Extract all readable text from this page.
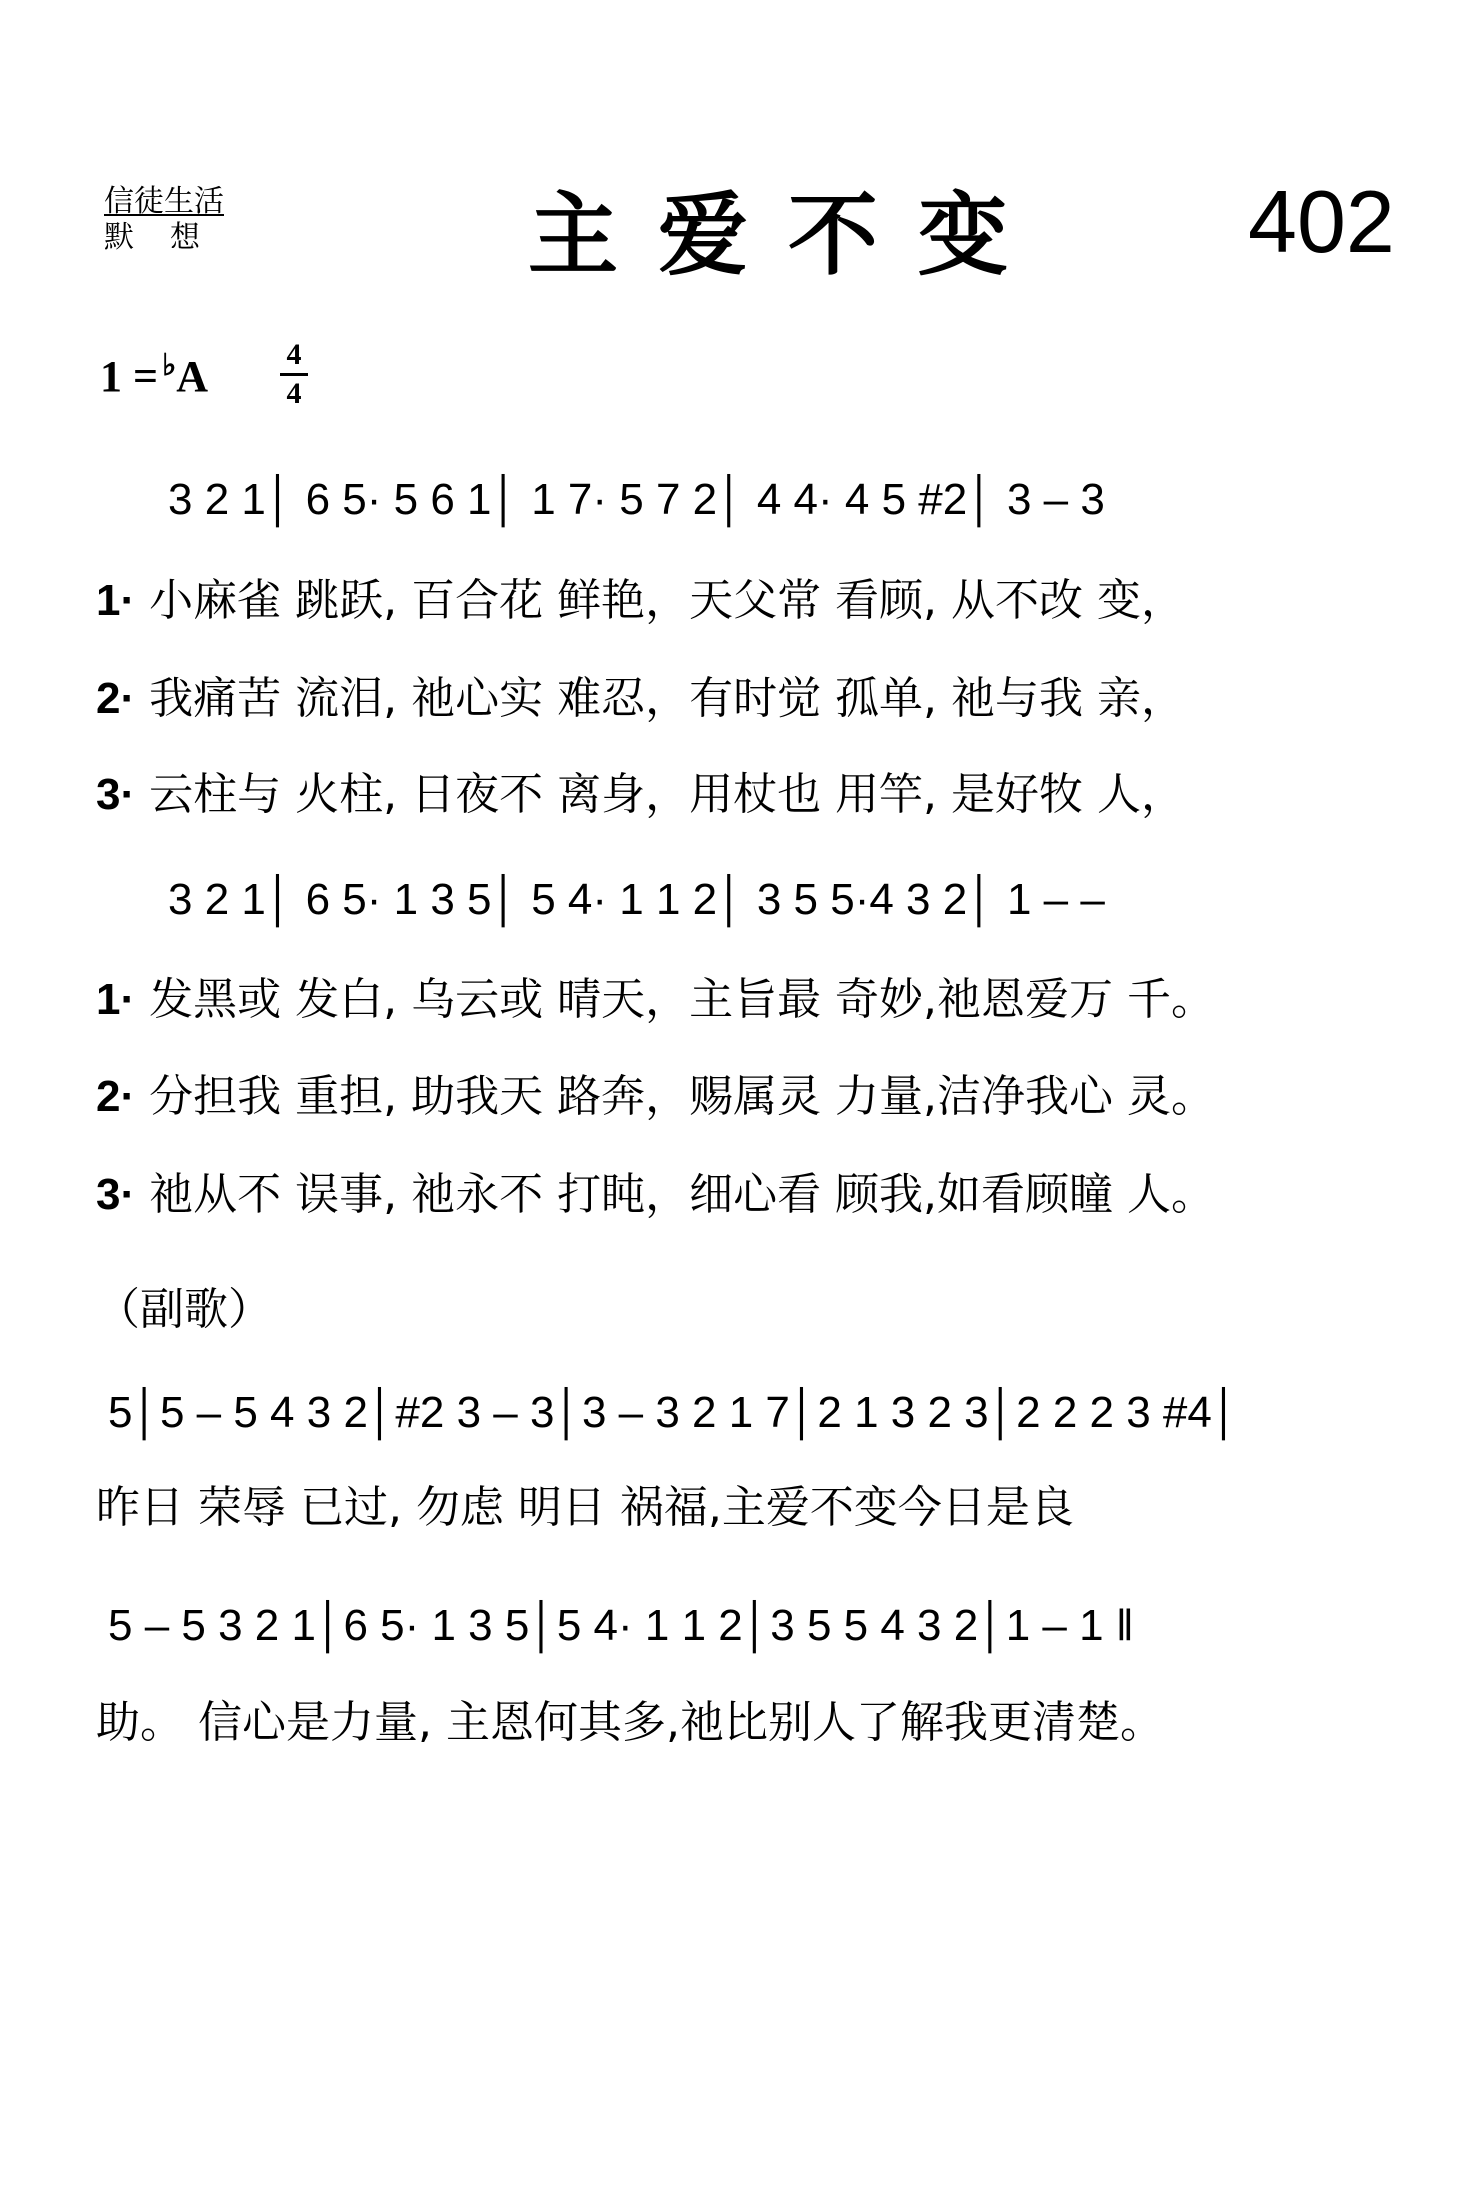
信徒生活
默想	主爱不变 402
1 = ♭A	4
4
3 2 1│ 6 5· 5 6 1│ 1 7· 5 7 2│ 4 4· 4 5 #2│ 3 – 3
1· 小麻雀 跳跃, 百合花 鲜艳，天父常 看顾, 从不改 变，
2· 我痛苦 流泪, 祂心实 难忍，有时觉 孤单, 祂与我 亲，
3· 云柱与 火柱, 日夜不 离身，用杖也 用竿, 是好牧 人，
3 2 1│ 6 5· 1 3 5│ 5 4· 1 1 2│ 3 5 5·4 3 2│ 1 – –
1· 发黑或 发白, 乌云或 晴天，主旨最 奇妙,祂恩爱万 千。
2· 分担我 重担, 助我天 路奔，赐属灵 力量,洁净我心 灵。
3· 祂从不 误事, 祂永不 打盹，细心看 顾我,如看顾瞳 人。
（副歌）
5│5 – 5 4 3 2│#2 3 – 3│3 – 3 2 1 7│2 1 3 2 3│2 2 2 3 #4│
昨日 荣辱 已过, 勿虑 明日 祸福,主爱不变今日是良
5 – 5 3 2 1│6 5· 1 3 5│5 4· 1 1 2│3 5 5 4 3 2│1 – 1 ‖
助。 信心是力量, 主恩何其多,祂比别人了解我更清楚。
